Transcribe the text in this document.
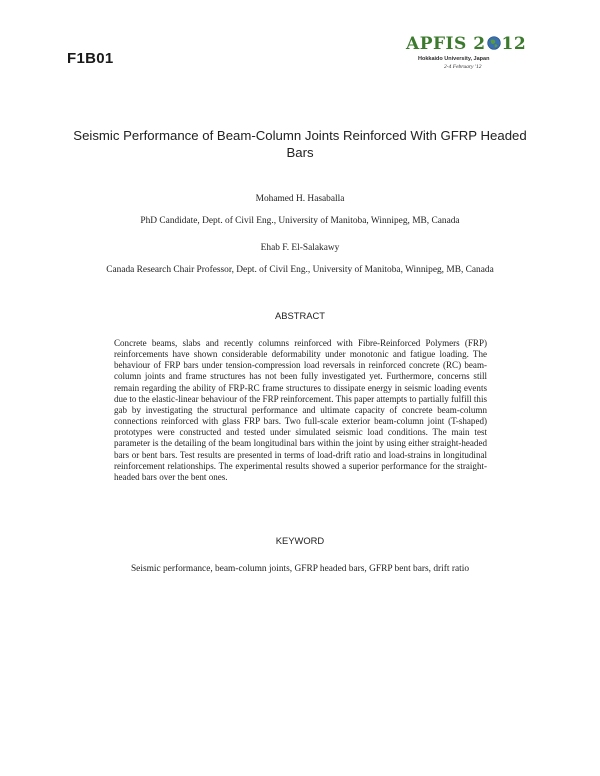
F1B01
APFIS 2 12
Hokkaido University, Japan
2-4 February '12
Seismic Performance of Beam-Column Joints Reinforced With GFRP Headed Bars
Mohamed H. Hasaballa
PhD Candidate, Dept. of Civil Eng., University of Manitoba, Winnipeg, MB, Canada
Ehab F. El-Salakawy
Canada Research Chair Professor, Dept. of Civil Eng., University of Manitoba, Winnipeg, MB, Canada
ABSTRACT

Concrete beams, slabs and recently columns reinforced with Fibre-Reinforced Polymers (FRP) reinforcements have shown considerable deformability under monotonic and fatigue loading. The behaviour of FRP bars under tension-compression load reversals in reinforced concrete (RC) beam-column joints and frame structures has not been fully investigated yet. Furthermore, concerns still remain regarding the ability of FRP-RC frame structures to dissipate energy in seismic loading events due to the elastic-linear behaviour of the FRP reinforcement. This paper attempts to partially fulfill this gab by investigating the structural performance and ultimate capacity of concrete beam-column connections reinforced with glass FRP bars. Two full-scale exterior beam-column joint (T-shaped) prototypes were constructed and tested under simulated seismic load conditions. The main test parameter is the detailing of the beam longitudinal bars within the joint by using either straight-headed bars or bent bars. Test results are presented in terms of load-drift ratio and load-strains in longitudinal reinforcement relationships. The experimental results showed a superior performance for the straight-headed bars over the bent ones.

KEYWORD
Seismic performance, beam-column joints, GFRP headed bars, GFRP bent bars, drift ratio
